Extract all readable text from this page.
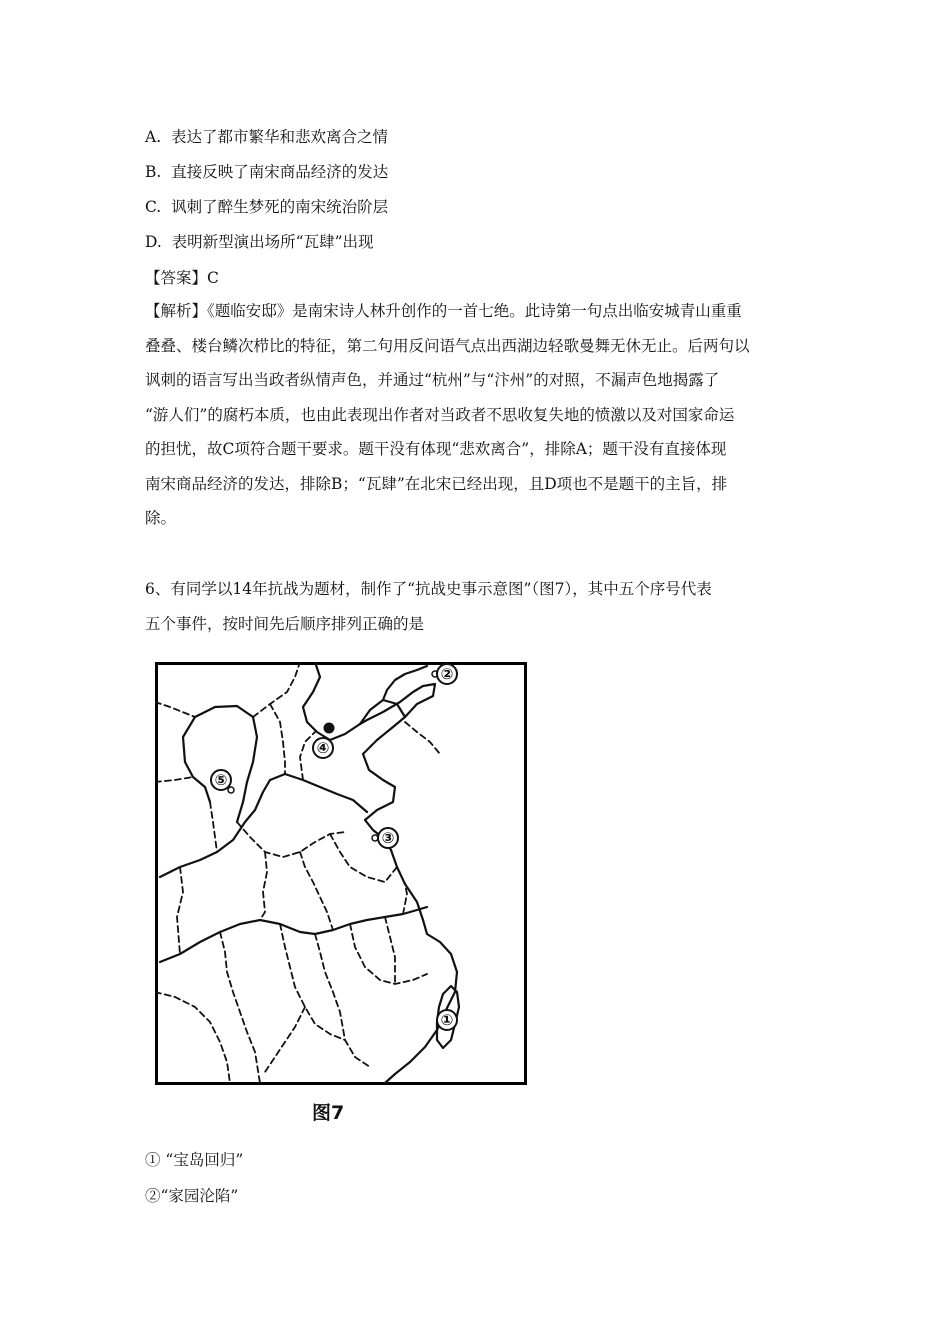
A. 表达了都市繁华和悲欢离合之情
B. 直接反映了南宋商品经济的发达
C. 讽刺了醉生梦死的南宋统治阶层
D. 表明新型演出场所“瓦肆”出现
【答案】C
【解析】《题临安邸》是南宋诗人林升创作的一首七绝。此诗第一句点出临安城青山重重
叠叠、楼台鳞次栉比的特征，第二句用反问语气点出西湖边轻歌曼舞无休无止。后两句以
讽刺的语言写出当政者纵情声色，并通过“杭州”与“汴州”的对照，不漏声色地揭露了
“游人们”的腐朽本质，也由此表现出作者对当政者不思收复失地的愤激以及对国家命运
的担忧，故C项符合题干要求。题干没有体现“悲欢离合”，排除A；题干没有直接体现
南宋商品经济的发达，排除B；“瓦肆”在北宋已经出现，且D项也不是题干的主旨，排
除。
6、有同学以14年抗战为题材，制作了“抗战史事示意图”（图7），其中五个序号代表
五个事件，按时间先后顺序排列正确的是
①
②
③
④
⑤
图7
① “宝岛回归”
②“家园沦陷”
